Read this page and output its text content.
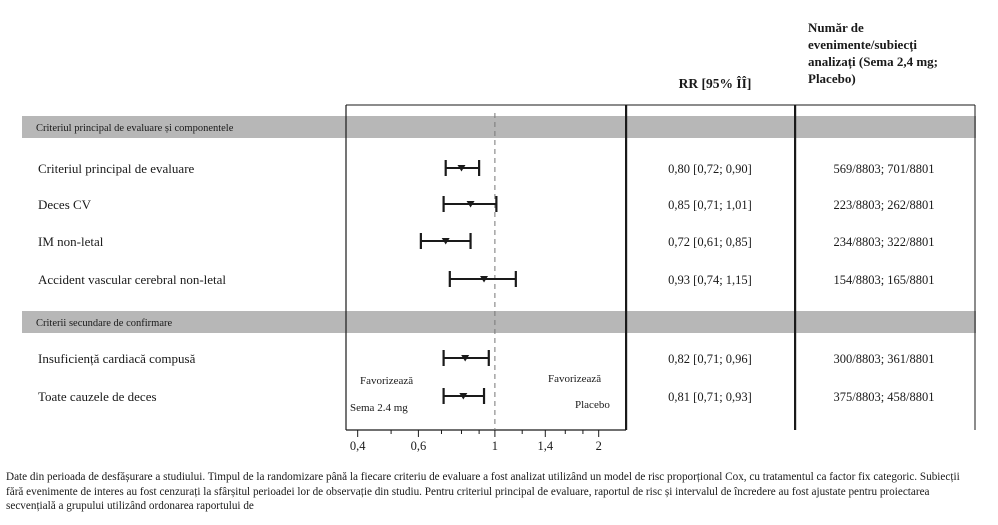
Criteriul principal de evaluare și componentele
Criterii secundare de confirmare
RR [95% ÎÎ]
Număr de evenimente/subiecți analizați (Sema 2,4 mg; Placebo)
Criteriul principal de evaluare	0,80 [0,72; 0,90]	569/8803; 701/8801
Deces CV	0,85 [0,71; 1,01]	223/8803; 262/8801
IM non-letal	0,72 [0,61; 0,85]	234/8803; 322/8801
Accident vascular cerebral non-letal	0,93 [0,74; 1,15]	154/8803; 165/8801
Insuficiență cardiacă compusă	0,82 [0,71; 0,96]	300/8803; 361/8801
Toate cauzele de deces	0,81 [0,71; 0,93]	375/8803; 458/8801
Favorizează
Sema 2.4 mg
Favorizează
Placebo
0,4	0,6	1	1,4	2
Date din perioada de desfășurare a studiului. Timpul de la randomizare până la fiecare criteriu de evaluare a fost analizat utilizând un model de risc proporțional Cox, cu tratamentul ca factor fix categoric. Subiecții fără evenimente de interes au fost cenzurați la sfârșitul perioadei lor de observație din studiu. Pentru criteriul principal de evaluare, raportul de risc și intervalul de încredere au fost ajustate pentru proiectarea secvențială a grupului utilizând ordonarea raportului de
